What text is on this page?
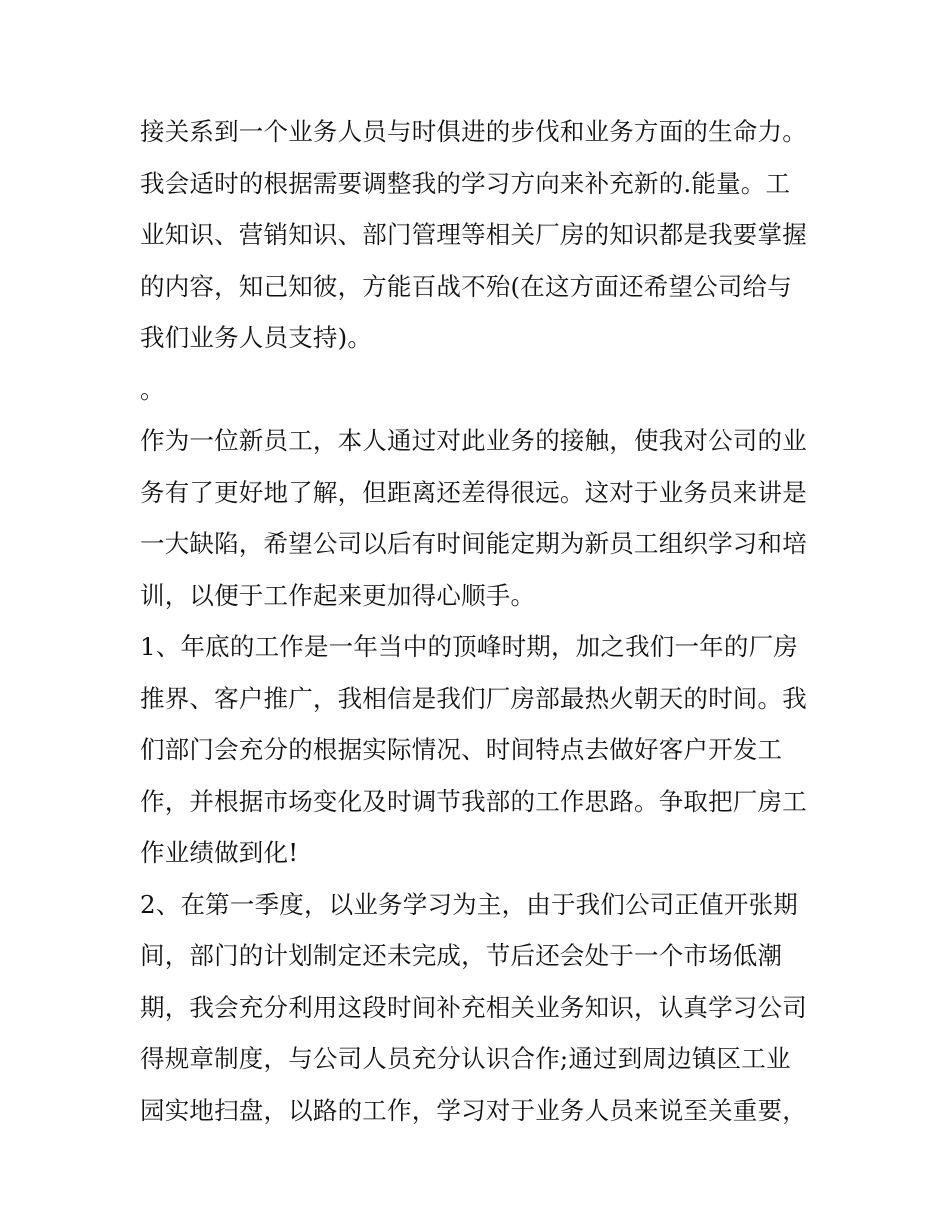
接关系到一个业务人员与时俱进的步伐和业务方面的生命力。
我会适时的根据需要调整我的学习方向来补充新的.能量。工
业知识、营销知识、部门管理等相关厂房的知识都是我要掌握
的内容，知己知彼，方能百战不殆(在这方面还希望公司给与
我们业务人员支持)。
。
作为一位新员工，本人通过对此业务的接触，使我对公司的业
务有了更好地了解，但距离还差得很远。这对于业务员来讲是
一大缺陷，希望公司以后有时间能定期为新员工组织学习和培
训，以便于工作起来更加得心顺手。
1、年底的工作是一年当中的顶峰时期，加之我们一年的厂房
推界、客户推广，我相信是我们厂房部最热火朝天的时间。我
们部门会充分的根据实际情况、时间特点去做好客户开发工
作，并根据市场变化及时调节我部的工作思路。争取把厂房工
作业绩做到化!
2、在第一季度，以业务学习为主，由于我们公司正值开张期
间，部门的计划制定还未完成，节后还会处于一个市场低潮
期，我会充分利用这段时间补充相关业务知识，认真学习公司
得规章制度，与公司人员充分认识合作;通过到周边镇区工业
园实地扫盘，以路的工作，学习对于业务人员来说至关重要，
